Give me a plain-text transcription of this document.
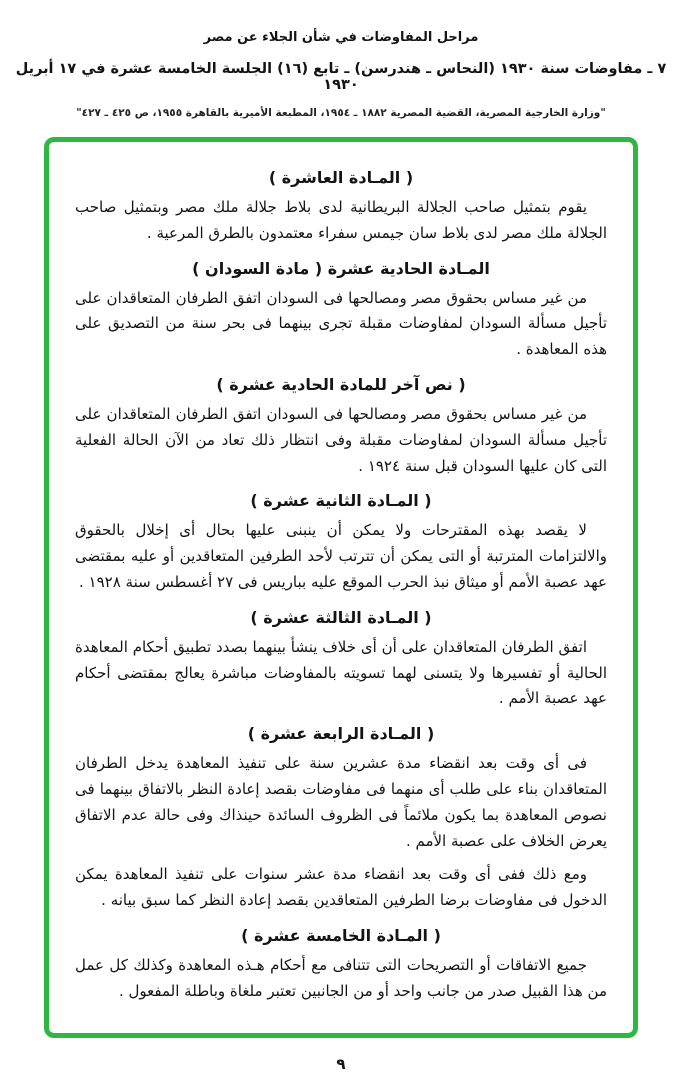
مراحل المفاوضات في شأن الجلاء عن مصر
٧ ـ مفاوضات سنة ١٩٣٠ (النحاس ـ هندرسن) ـ تابع (١٦) الجلسة الخامسة عشرة في ١٧ أبريل ١٩٣٠
"وزارة الخارجية المصرية، القضية المصرية ١٨٨٢ ـ ١٩٥٤، المطبعة الأميرية بالقاهرة ١٩٥٥، ص ٤٢٥ ـ ٤٢٧"
( المـادة العاشرة )

يقوم بتمثيل صاحب الجلالة البريطانية لدى بلاط جلالة ملك مصر وبتمثيل صاحب الجلالة ملك مصر لدى بلاط سان جيمس سفراء معتمدون بالطرق المرعية .

المـادة الحادية عشرة ( مادة السودان )

من غير مساس بحقوق مصر ومصالحها فى السودان اتفق الطرفان المتعاقدان على تأجيل مسألة السودان لمفاوضات مقبلة تجرى بينهما فى بحر سنة من التصديق على هذه المعاهدة .

( نص آخر للمادة الحادية عشرة )

من غير مساس بحقوق مصر ومصالحها فى السودان اتفق الطرفان المتعاقدان على تأجيل مسألة السودان لمفاوضات مقبلة وفى انتظار ذلك تعاد من الآن الحالة الفعلية التى كان عليها السودان قبل سنة ١٩٢٤ .

( المـادة الثانية عشرة )

لا يقصد بهذه المقترحات ولا يمكن أن ينبنى عليها بحال أى إخلال بالحقوق والالتزامات المترتبة أو التى يمكن أن تترتب لأحد الطرفين المتعاقدين أو عليه بمقتضى عهد عصبة الأمم أو ميثاق نبذ الحرب الموقع عليه بباريس فى ٢٧ أغسطس سنة ١٩٢٨ .

( المـادة الثالثة عشرة )

اتفق الطرفان المتعاقدان على أن أى خلاف ينشأ بينهما بصدد تطبيق أحكام المعاهدة الحالية أو تفسيرها ولا يتسنى لهما تسويته بالمفاوضات مباشرة يعالج بمقتضى أحكام عهد عصبة الأمم .

( المـادة الرابعة عشرة )

فى أى وقت بعد انقضاء مدة عشرين سنة على تنفيذ المعاهدة يدخل الطرفان المتعاقدان بناء على طلب أى منهما فى مفاوضات بقصد إعادة النظر بالاتفاق بينهما فى نصوص المعاهدة بما يكون ملائماً فى الظروف السائدة حينذاك وفى حالة عدم الاتفاق يعرض الخلاف على عصبة الأمم .

ومع ذلك ففى أى وقت بعد انقضاء مدة عشر سنوات على تنفيذ المعاهدة يمكن الدخول فى مفاوضات برضا الطرفين المتعاقدين بقصد إعادة النظر كما سبق بيانه .

( المـادة الخامسة عشرة )

جميع الاتفاقات أو التصريحات التى تتنافى مع أحكام هـذه المعاهدة وكذلك كل عمل من هذا القبيل صدر من جانب واحد أو من الجانبين تعتبر ملغاة وباطلة المفعول .

٩
